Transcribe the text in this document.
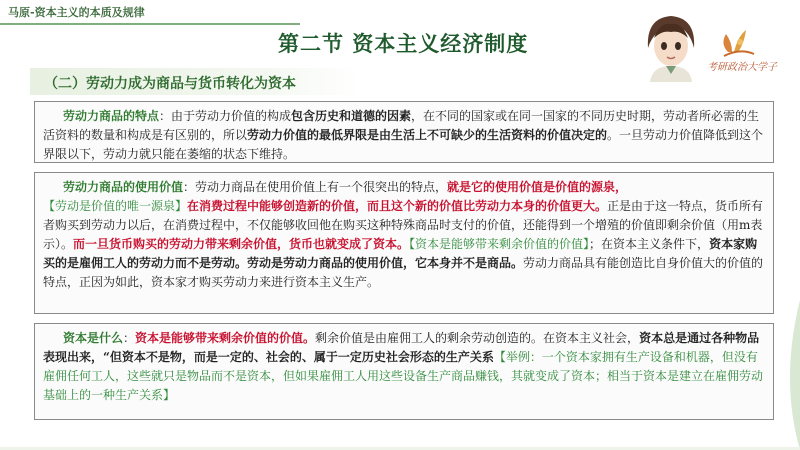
马原-资本主义的本质及规律
第二节 资本主义经济制度
（二）劳动力成为商品与货币转化为资本
考研政治大学子
劳动力商品的特点：由于劳动力价值的构成包含历史和道德的因素，在不同的国家或在同一国家的不同历史时期，劳动者所必需的生活资料的数量和构成是有区别的，所以劳动力价值的最低界限是由生活上不可缺少的生活资料的价值决定的。一旦劳动力价值降低到这个界限以下，劳动力就只能在萎缩的状态下维持。
劳动力商品的使用价值：劳动力商品在使用价值上有一个很突出的特点，就是它的使用价值是价值的源泉，【劳动是价值的唯一源泉】在消费过程中能够创造新的价值，而且这个新的价值比劳动力本身的价值更大。正是由于这一特点，货币所有者购买到劳动力以后，在消费过程中，不仅能够收回他在购买这种特殊商品时支付的价值，还能得到一个增殖的价值即剩余价值（用m表示）。而一旦货币购买的劳动力带来剩余价值，货币也就变成了资本。【资本是能够带来剩余价值的价值】；在资本主义条件下，资本家购买的是雇佣工人的劳动力而不是劳动。劳动是劳动力商品的使用价值，它本身并不是商品。劳动力商品具有能创造比自身价值大的价值的特点，正因为如此，资本家才购买劳动力来进行资本主义生产。
资本是什么：资本是能够带来剩余价值的价值。剩余价值是由雇佣工人的剩余劳动创造的。在资本主义社会，资本总是通过各种物品表现出来，“但资本不是物，而是一定的、社会的、属于一定历史社会形态的生产关系【举例：一个资本家拥有生产设备和机器，但没有雇佣任何工人，这些就只是物品而不是资本，但如果雇佣工人用这些设备生产商品赚钱，其就变成了资本；相当于资本是建立在雇佣劳动基础上的一种生产关系】
